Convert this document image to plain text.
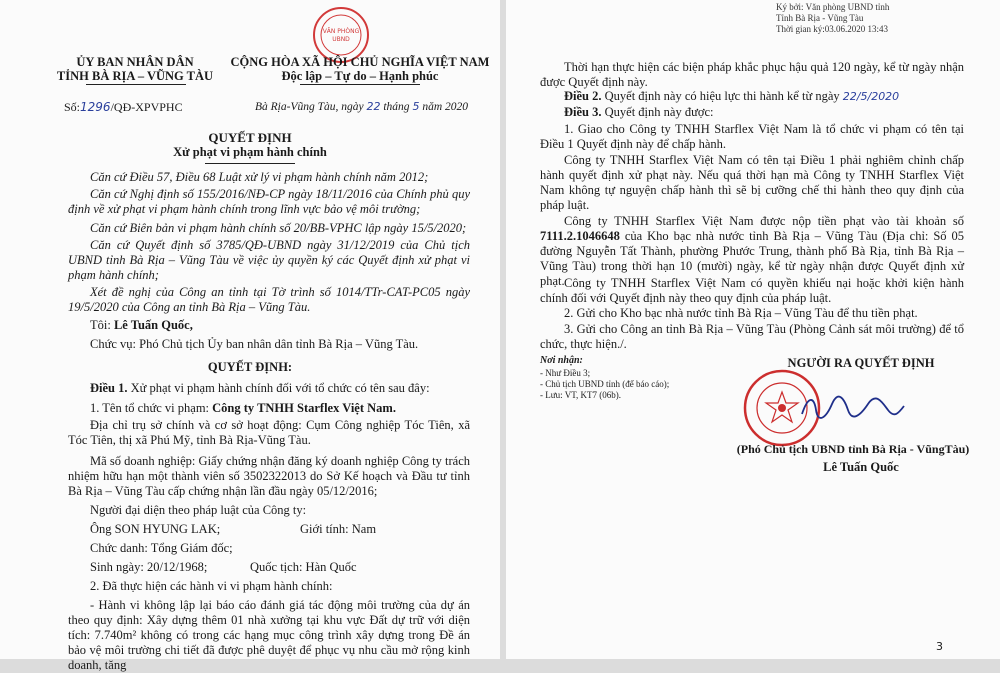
VĂN PHÒNG
UBND
ỦY BAN NHÂN DÂN
TỈNH BÀ RỊA – VŨNG TÀU
Số:1296/QĐ-XPVPHC
CỘNG HÒA XÃ HỘI CHỦ NGHĨA VIỆT NAM
Độc lập – Tự do – Hạnh phúc
Bà Rịa-Vũng Tàu, ngày 22 tháng 5 năm 2020
QUYẾT ĐỊNH
Xử phạt vi phạm hành chính

Căn cứ Điều 57, Điều 68 Luật xử lý vi phạm hành chính năm 2012;

Căn cứ Nghị định số 155/2016/NĐ-CP ngày 18/11/2016 của Chính phủ quy định về xử phạt vi phạm hành chính trong lĩnh vực bảo vệ môi trường;

Căn cứ Biên bản vi phạm hành chính số 20/BB-VPHC lập ngày 15/5/2020;

Căn cứ Quyết định số 3785/QĐ-UBND ngày 31/12/2019 của Chủ tịch UBND tỉnh Bà Rịa – Vũng Tàu về việc ủy quyền ký các Quyết định xử phạt vi phạm hành chính;

Xét đề nghị của Công an tỉnh tại Tờ trình số 1014/TTr-CAT-PC05 ngày 19/5/2020 của Công an tỉnh Bà Rịa – Vũng Tàu.

Tôi: Lê Tuấn Quốc,
Chức vụ: Phó Chủ tịch Ủy ban nhân dân tỉnh Bà Rịa – Vũng Tàu.
QUYẾT ĐỊNH:
Điều 1. Xử phạt vi phạm hành chính đối với tổ chức có tên sau đây:
1. Tên tổ chức vi phạm: Công ty TNHH Starflex Việt Nam.

Địa chỉ trụ sở chính và cơ sở hoạt động: Cụm Công nghiệp Tóc Tiên, xã Tóc Tiên, thị xã Phú Mỹ, tỉnh Bà Rịa-Vũng Tàu.

Mã số doanh nghiệp: Giấy chứng nhận đăng ký doanh nghiệp Công ty trách nhiệm hữu hạn một thành viên số 3502322013 do Sở Kế hoạch và Đầu tư tỉnh Bà Rịa – Vũng Tàu cấp chứng nhận lần đầu ngày 05/12/2016;

Người đại diện theo pháp luật của Công ty:
Ông SON HYUNG LAK;	Giới tính: Nam
Chức danh: Tổng Giám đốc;
Sinh ngày: 20/12/1968;	Quốc tịch: Hàn Quốc
2. Đã thực hiện các hành vi vi phạm hành chính:

- Hành vi không lập lại báo cáo đánh giá tác động môi trường của dự án theo quy định: Xây dựng thêm 01 nhà xưởng tại khu vực Đất dự trữ với diện tích: 7.740m² không có trong các hạng mục công trình xây dựng trong Đề án bảo vệ môi trường chi tiết đã được phê duyệt để phục vụ nhu cầu mở rộng kinh doanh, tăng

Ký bởi: Văn phòng UBND tỉnh
Tỉnh Bà Rịa - Vũng Tàu
Thời gian ký:03.06.2020 13:43

Thời hạn thực hiện các biện pháp khắc phục hậu quả 120 ngày, kể từ ngày nhận được Quyết định này.

Điều 2. Quyết định này có hiệu lực thi hành kể từ ngày 22/5/2020
Điều 3. Quyết định này được:

1. Giao cho Công ty TNHH Starflex Việt Nam là tổ chức vi phạm có tên tại Điều 1 Quyết định này để chấp hành.

Công ty TNHH Starflex Việt Nam có tên tại Điều 1 phải nghiêm chỉnh chấp hành quyết định xử phạt này. Nếu quá thời hạn mà Công ty TNHH Starflex Việt Nam không tự nguyện chấp hành thì sẽ bị cưỡng chế thi hành theo quy định của pháp luật.

Công ty TNHH Starflex Việt Nam được nộp tiền phạt vào tài khoản số 7111.2.1046648 của Kho bạc nhà nước tỉnh Bà Rịa – Vũng Tàu (Địa chỉ: Số 05 đường Nguyễn Tất Thành, phường Phước Trung, thành phố Bà Rịa, tỉnh Bà Rịa – Vũng Tàu) trong thời hạn 10 (mười) ngày, kể từ ngày nhận được Quyết định xử phạt. Công ty TNHH Starflex Việt Nam có quyền khiếu nại hoặc khởi kiện hành chính đối với Quyết định này theo quy định của pháp luật.

2. Gửi cho Kho bạc nhà nước tỉnh Bà Rịa – Vũng Tàu để thu tiền phạt.

3. Gửi cho Công an tỉnh Bà Rịa – Vũng Tàu (Phòng Cảnh sát môi trường) để tổ chức, thực hiện./.

Nơi nhận:
- Như Điều 3;
- Chủ tịch UBND tỉnh (để báo cáo);
- Lưu: VT, KT7 (06b).
NGƯỜI RA QUYẾT ĐỊNH
(Phó Chủ tịch UBND tỉnh Bà Rịa - VũngTàu)
Lê Tuấn Quốc
3
